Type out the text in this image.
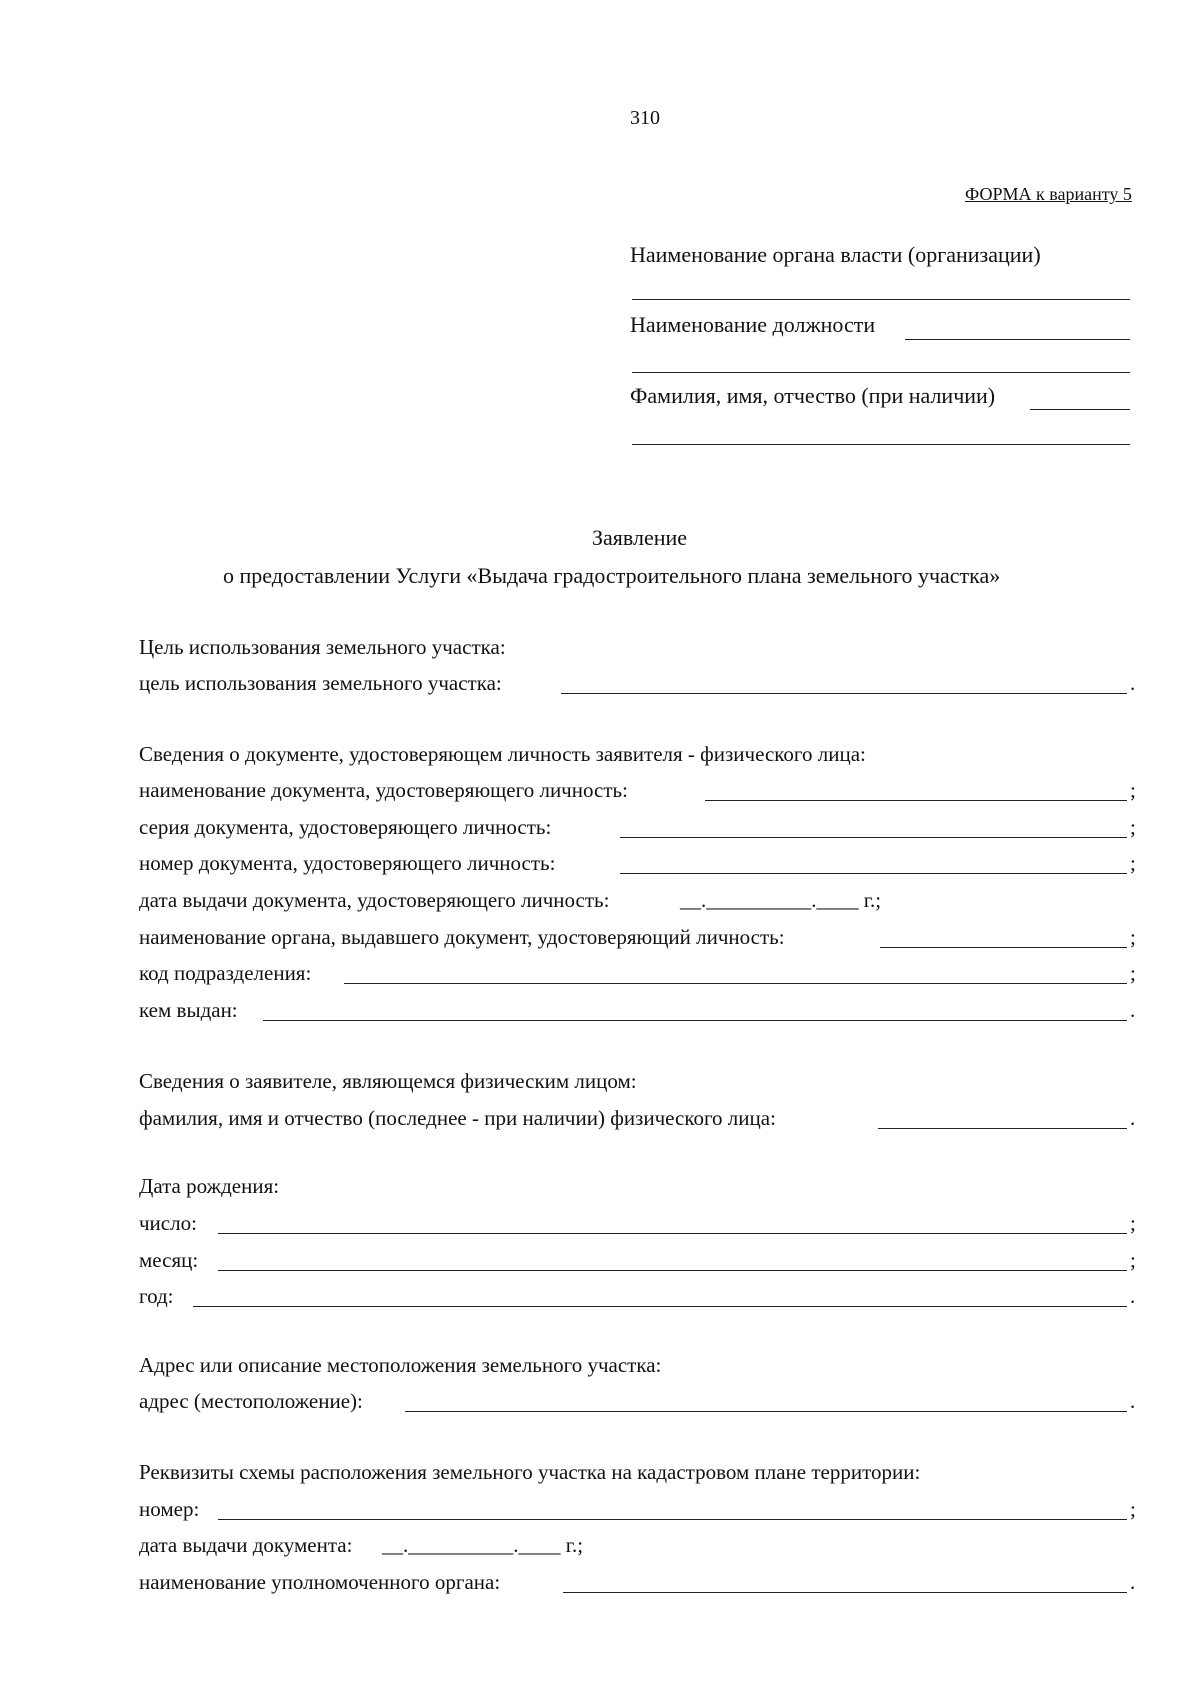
310
ФОРМА к варианту 5
Наименование органа власти (организации)
Наименование должности
Фамилия, имя, отчество (при наличии)
Заявление
о предоставлении Услуги «Выдача градостроительного плана земельного участка»
Цель использования земельного участка:
цель использования земельного участка:	.
Сведения о документе, удостоверяющем личность заявителя - физического лица:
наименование документа, удостоверяющего личность:	;
серия документа, удостоверяющего личность:	;
номер документа, удостоверяющего личность:	;
дата выдачи документа, удостоверяющего личность:	__.__________.____ г.;
наименование органа, выдавшего документ, удостоверяющий личность:	;
код подразделения:	;
кем выдан:	.
Сведения о заявителе, являющемся физическим лицом:
фамилия, имя и отчество (последнее - при наличии) физического лица:	.
Дата рождения:
число:	;
месяц:	;
год:	.
Адрес или описание местоположения земельного участка:
адрес (местоположение):	.
Реквизиты схемы расположения земельного участка на кадастровом плане территории:
номер:	;
дата выдачи документа: __.__________.____ г.;
наименование уполномоченного органа:	.
